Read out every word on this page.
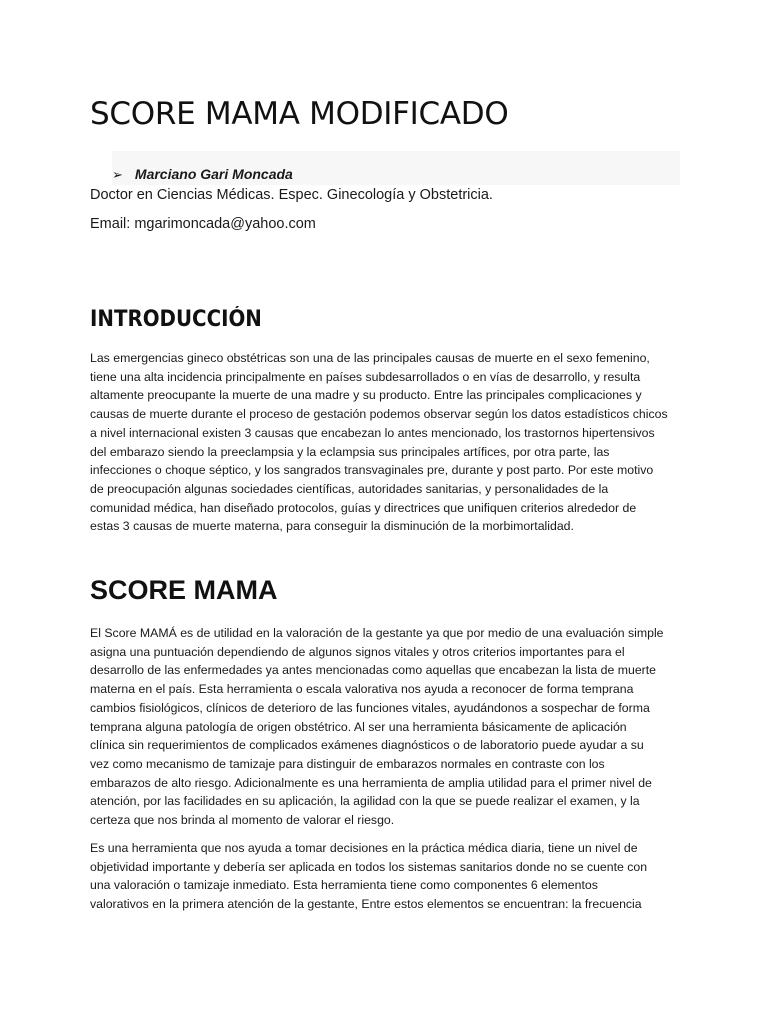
SCORE MAMA MODIFICADO
➢ Marciano Gari Moncada
Doctor en Ciencias Médicas. Espec. Ginecología y Obstetricia.
Email: mgarimoncada@yahoo.com
INTRODUCCIÓN
Las emergencias gineco obstétricas son una de las principales causas de muerte en el sexo femenino,
tiene una alta incidencia principalmente en países subdesarrollados o en vías de desarrollo, y resulta
altamente preocupante la muerte de una madre y su producto. Entre las principales complicaciones y
causas de muerte durante el proceso de gestación podemos observar según los datos estadísticos chicos
a nivel internacional existen 3 causas que encabezan lo antes mencionado, los trastornos hipertensivos
del embarazo siendo la preeclampsia y la eclampsia sus principales artífices, por otra parte, las
infecciones o choque séptico, y los sangrados transvaginales pre, durante y post parto. Por este motivo
de preocupación algunas sociedades científicas, autoridades sanitarias, y personalidades de la
comunidad médica, han diseñado protocolos, guías y directrices que unifiquen criterios alrededor de
estas 3 causas de muerte materna, para conseguir la disminución de la morbimortalidad.
SCORE MAMA
El Score MAMÁ es de utilidad en la valoración de la gestante ya que por medio de una evaluación simple
asigna una puntuación dependiendo de algunos signos vitales y otros criterios importantes para el
desarrollo de las enfermedades ya antes mencionadas como aquellas que encabezan la lista de muerte
materna en el país. Esta herramienta o escala valorativa nos ayuda a reconocer de forma temprana
cambios fisiológicos, clínicos de deterioro de las funciones vitales, ayudándonos a sospechar de forma
temprana alguna patología de origen obstétrico. Al ser una herramienta básicamente de aplicación
clínica sin requerimientos de complicados exámenes diagnósticos o de laboratorio puede ayudar a su
vez como mecanismo de tamizaje para distinguir de embarazos normales en contraste con los
embarazos de alto riesgo. Adicionalmente es una herramienta de amplia utilidad para el primer nivel de
atención, por las facilidades en su aplicación, la agilidad con la que se puede realizar el examen, y la
certeza que nos brinda al momento de valorar el riesgo.
Es una herramienta que nos ayuda a tomar decisiones en la práctica médica diaria, tiene un nivel de
objetividad importante y debería ser aplicada en todos los sistemas sanitarios donde no se cuente con
una valoración o tamizaje inmediato. Esta herramienta tiene como componentes 6 elementos
valorativos en la primera atención de la gestante, Entre estos elementos se encuentran: la frecuencia
